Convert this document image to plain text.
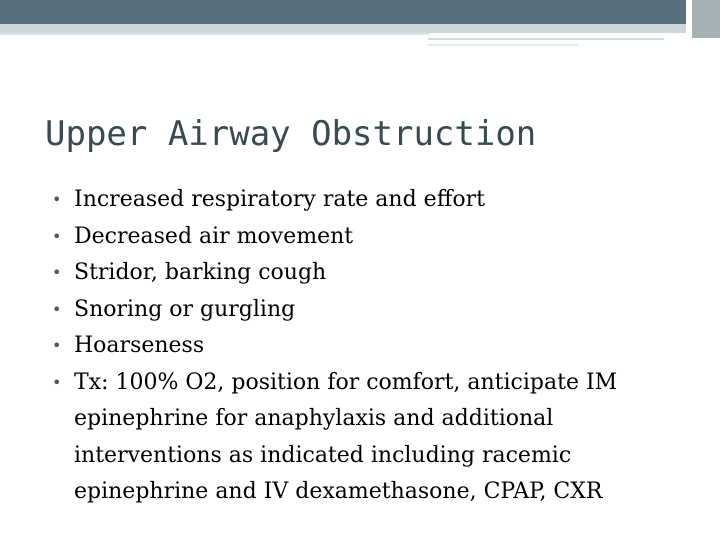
Upper Airway Obstruction
• Increased respiratory rate and effort
• Decreased air movement
• Stridor, barking cough
• Snoring or gurgling
• Hoarseness
• Tx: 100% O2, position for comfort, anticipate IM epinephrine for anaphylaxis and additional interventions as indicated including racemic epinephrine and IV dexamethasone, CPAP, CXR
